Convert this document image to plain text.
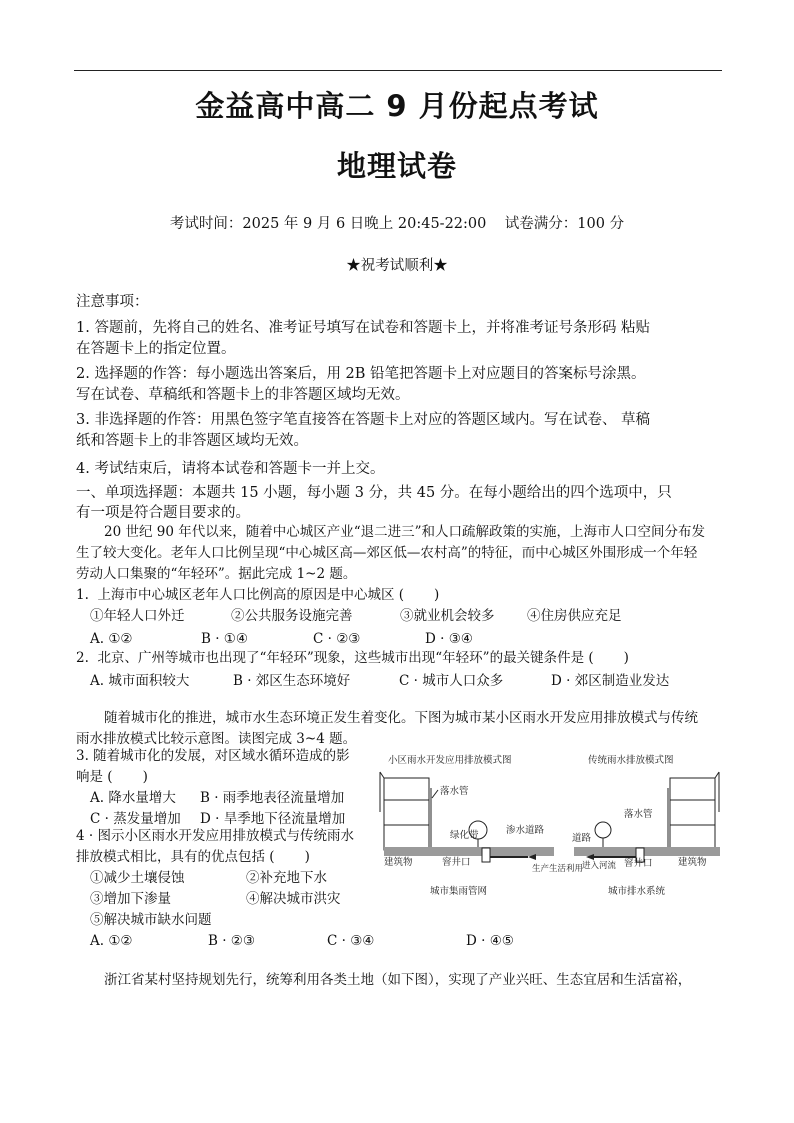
金益高中高二 9 月份起点考试
地理试卷
考试时间：2025 年 9 月 6 日晚上 20:45-22:00    试卷满分：100 分
★祝考试顺利★
注意事项：
1. 答题前，先将自己的姓名、准考证号填写在试卷和答题卡上，并将准考证号条形码 粘贴
在答题卡上的指定位置。
2. 选择题的作答：每小题选出答案后，用 2B 铅笔把答题卡上对应题目的答案标号涂黑。
写在试卷、草稿纸和答题卡上的非答题区域均无效。
3. 非选择题的作答：用黑色签字笔直接答在答题卡上对应的答题区域内。写在试卷、 草稿
纸和答题卡上的非答题区域均无效。
4. 考试结束后，请将本试卷和答题卡一并上交。
一、单项选择题：本题共 15 小题，每小题 3 分，共 45 分。在每小题给出的四个选项中，只
有一项是符合题目要求的。
20 世纪 90 年代以来，随着中心城区产业“退二进三”和人口疏解政策的实施，上海市人口空间分布发
生了较大变化。老年人口比例呈现“中心城区高—郊区低—农村高”的特征，而中心城区外围形成一个年轻
劳动人口集聚的“年轻环”。据此完成 1~2 题。
1.  上海市中心城区老年人口比例高的原因是中心城区 (       )
①年轻人口外迁	②公共服务设施完善	③就业机会较多	④住房供应充足
A. ①②	B · ①④	C · ②③	D · ③④
2.  北京、广州等城市也出现了“年轻环”现象，这些城市出现“年轻环”的最关键条件是 (       )
A. 城市面积较大	B · 郊区生态环境好	C · 城市人口众多	D · 郊区制造业发达
随着城市化的推进，城市水生态环境正发生着变化。下图为城市某小区雨水开发应用排放模式与传统
雨水排放模式比较示意图。读图完成 3~4 题。
3. 随着城市化的发展，对区域水循环造成的影
响是 (       )
A. 降水量增大	B · 雨季地表径流量增加
C · 蒸发量增加	D · 旱季地下径流量增加
4 · 图示小区雨水开发应用排放模式与传统雨水
排放模式相比，具有的优点包括 (       )
①减少土壤侵蚀	②补充地下水
③增加下渗量	④解决城市洪灾
⑤解决城市缺水问题
A. ①②	B · ②③	C · ③④	D · ④⑤
小区雨水开发应用排放模式图
落水管
绿化带	渗水道路
建筑物	窨井口
生产生活利用
城市集雨管网
传统雨水排放模式图
落水管
道路
进入河流 窨井口	建筑物
城市排水系统
浙江省某村坚持规划先行，统筹利用各类土地（如下图），实现了产业兴旺、生态宜居和生活富裕，
